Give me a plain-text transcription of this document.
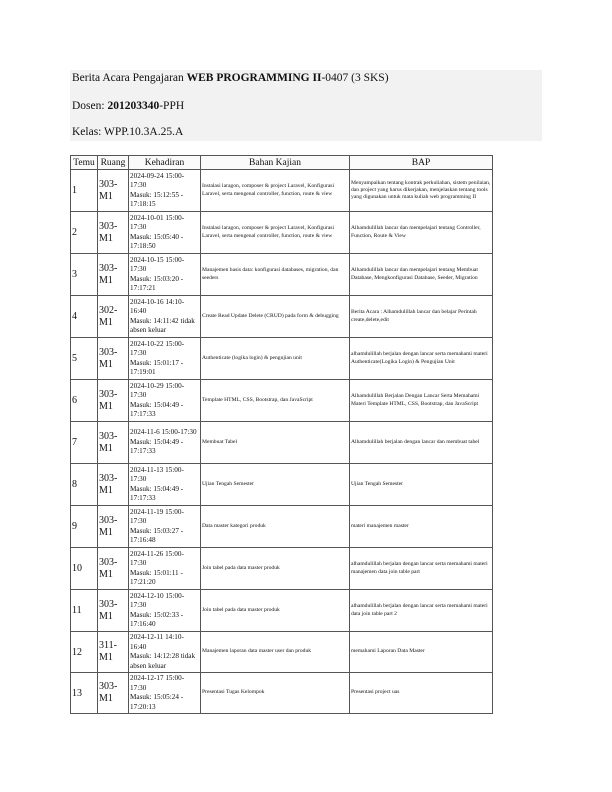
Berita Acara Pengajaran WEB PROGRAMMING II-0407 (3 SKS)
Dosen: 201203340-PPH
Kelas: WPP.10.3A.25.A
Temu	Ruang	Kehadiran	Bahan Kajian	BAP
1	303-M1	2024-09-24 15:00-17:30
Masuk: 15:12:55 - 17:18:15	Instalasi laragon, composer & project Laravel, Konfigurasi Laravel, serta mengenal controller, function, route & view	Menyampaikan tentang kontrak perkuliahan, sistem penilaian, dan project yang harus dikerjakan, menjelaskan tentang tools yang digunakan untuk mata kuliah web programming II

2	303-M1	2024-10-01 15:00-17:30
Masuk: 15:05:40 - 17:18:50	Instalasi laragon, composer & project Laravel, Konfigurasi Laravel, serta mengenal controller, function, route & view	Alhamdulillah lancar dan mempelajari tentang Controller, Function, Route & View

3	303-M1	2024-10-15 15:00-17:30
Masuk: 15:03:20 - 17:17:21	Manajemen basis data: konfigurasi databases, migration, dan seeders	Alhamdulillah lancar dan mempelajari tentang Membuat Database, Mengkonfigurasi Database, Seeder, Migration

4	302-M1	2024-10-16 14:10-16:40
Masuk: 14:11:42 tidak absen keluar	Create Read Update Delete (CRUD) pada form & debugging	Berita Acara : Alhamdulillah lancar dan belajar Perintah create,delete,edit

5	303-M1	2024-10-22 15:00-17:30
Masuk: 15:01:17 - 17:19:01	Authenticate (logika login) & pengujian unit	alhamdulillah berjalan dengan lancar serta memahami materi Authenticate(Logika Login) & Pengujian Unit

6	303-M1	2024-10-29 15:00-17:30
Masuk: 15:04:49 - 17:17:33	Template HTML, CSS, Bootstrap, dan JavaScript	Alhamdulillah Berjalan Dengan Lancar Serta Memahami Materi Template HTML, CSS, Bootstrap, dan JavaScript

7	303-M1	2024-11-6 15:00-17:30
Masuk: 15:04:49 - 17:17:33	Membuat Tabel	Alhamdulillah berjalan dengan lancar dan membuat tabel

8	303-M1	2024-11-13 15:00-17:30
Masuk: 15:04:49 - 17:17:33	Ujian Tengah Semester	Ujian Tengah Semester

9	303-M1	2024-11-19 15:00-17:30
Masuk: 15:03:27 - 17:16:48	Data master kategori produk	materi manajemen master

10	303-M1	2024-11-26 15:00-17:30
Masuk: 15:01:11 - 17:21:20	Join tabel pada data master produk	alhamdulillah berjalan dengan lancar serta memahami materi manajemen data join table part

11	303-M1	2024-12-10 15:00-17:30
Masuk: 15:02:33 - 17:16:40	Join tabel pada data master produk	alhamdulillah berjalan dengan lancar serta memahami materi data join table part 2

12	311-M1	2024-12-11 14:10-16:40
Masuk: 14:12:28 tidak absen keluar	Manajemen laporan data master user dan produk	memahami Laporan Data Master

13	303-M1	2024-12-17 15:00-17:30
Masuk: 15:05:24 - 17:20:13	Presentasi Tugas Kelompok	Presentasi project uas
